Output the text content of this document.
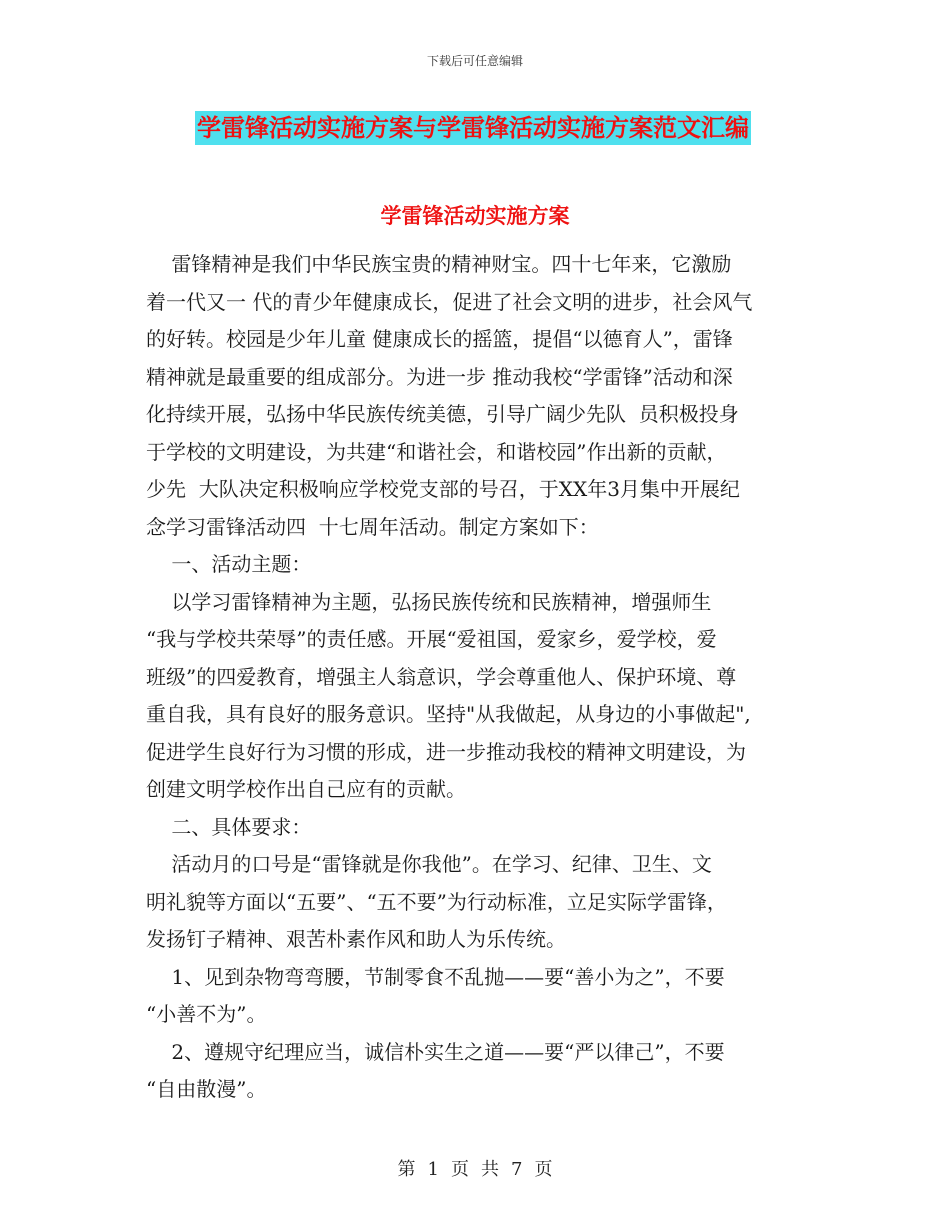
下载后可任意编辑
学雷锋活动实施方案与学雷锋活动实施方案范文汇编
学雷锋活动实施方案

雷锋精神是我们中华民族宝贵的精神财宝。四十七年来，它激励

着一代又一 代的青少年健康成长，促进了社会文明的进步，社会风气

的好转。校园是少年儿童 健康成长的摇篮，提倡“以德育人”，雷锋

精神就是最重要的组成部分。为进一步 推动我校“学雷锋”活动和深

化持续开展，弘扬中华民族传统美德，引导广阔少先队  员积极投身

于学校的文明建设，为共建“和谐社会，和谐校园”作出新的贡献，

少先  大队决定积极响应学校党支部的号召，于XX年3月集中开展纪

念学习雷锋活动四  十七周年活动。制定方案如下：

一、活动主题：

以学习雷锋精神为主题，弘扬民族传统和民族精神，增强师生

“我与学校共荣辱”的责任感。开展“爱祖国，爱家乡，爱学校，爱

班级”的四爱教育，增强主人翁意识，学会尊重他人、保护环境、尊

重自我，具有良好的服务意识。坚持"从我做起，从身边的小事做起",

促进学生良好行为习惯的形成，进一步推动我校的精神文明建设，为

创建文明学校作出自己应有的贡献。

二、具体要求：

活动月的口号是“雷锋就是你我他”。在学习、纪律、卫生、文

明礼貌等方面以“五要”、“五不要”为行动标准，立足实际学雷锋，

发扬钉子精神、艰苦朴素作风和助人为乐传统。

1、见到杂物弯弯腰，节制零食不乱抛——要“善小为之”，不要

“小善不为”。

2、遵规守纪理应当，诚信朴实生之道——要“严以律己”，不要

“自由散漫”。

第 1 页 共 7 页
